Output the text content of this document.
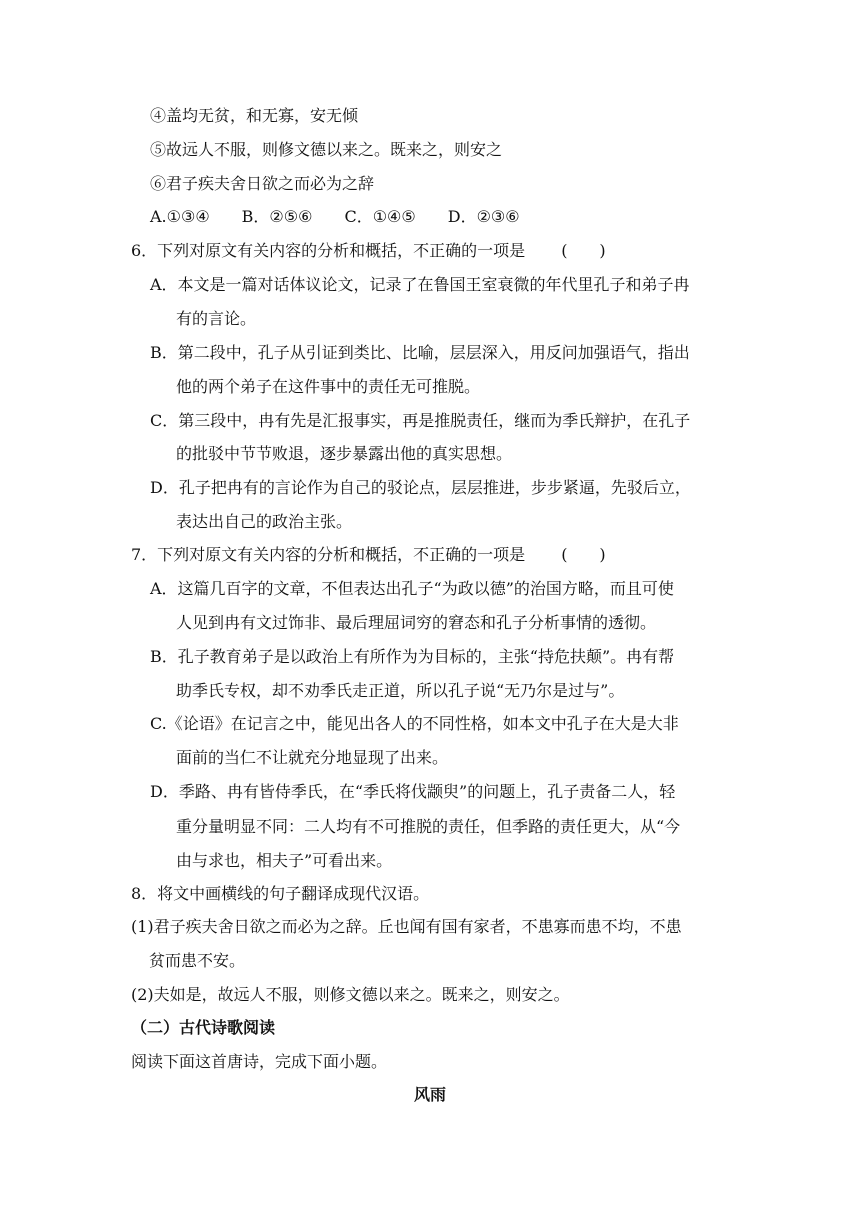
④盖均无贫，和无寡，安无倾
⑤故远人不服，则修文德以来之。既来之，则安之
⑥君子疾夫舍日欲之而必为之辞
A.①③④　　B．②⑤⑥　　C．①④⑤　　D．②③⑥
6．下列对原文有关内容的分析和概括，不正确的一项是 (　　)
A．本文是一篇对话体议论文，记录了在鲁国王室衰微的年代里孔子和弟子冉
有的言论。
B．第二段中，孔子从引证到类比、比喻，层层深入，用反问加强语气，指出
他的两个弟子在这件事中的责任无可推脱。
C．第三段中，冉有先是汇报事实，再是推脱责任，继而为季氏辩护，在孔子
的批驳中节节败退，逐步暴露出他的真实思想。
D．孔子把冉有的言论作为自己的驳论点，层层推进，步步紧逼，先驳后立，
表达出自己的政治主张。
7．下列对原文有关内容的分析和概括，不正确的一项是 (　　)
A．这篇几百字的文章，不但表达出孔子“为政以德”的治国方略，而且可使
人见到冉有文过饰非、最后理屈词穷的窘态和孔子分析事情的透彻。
B．孔子教育弟子是以政治上有所作为为目标的，主张“持危扶颠”。冉有帮
助季氏专权，却不劝季氏走正道，所以孔子说“无乃尔是过与”。
C.《论语》在记言之中，能见出各人的不同性格，如本文中孔子在大是大非
面前的当仁不让就充分地显现了出来。
D．季路、冉有皆侍季氏，在“季氏将伐颛臾”的问题上，孔子责备二人，轻
重分量明显不同：二人均有不可推脱的责任，但季路的责任更大，从“今
由与求也，相夫子”可看出来。
8．将文中画横线的句子翻译成现代汉语。
(1)君子疾夫舍日欲之而必为之辞。丘也闻有国有家者，不患寡而患不均，不患
贫而患不安。
(2)夫如是，故远人不服，则修文德以来之。既来之，则安之。
（二）古代诗歌阅读
阅读下面这首唐诗，完成下面小题。
风雨
